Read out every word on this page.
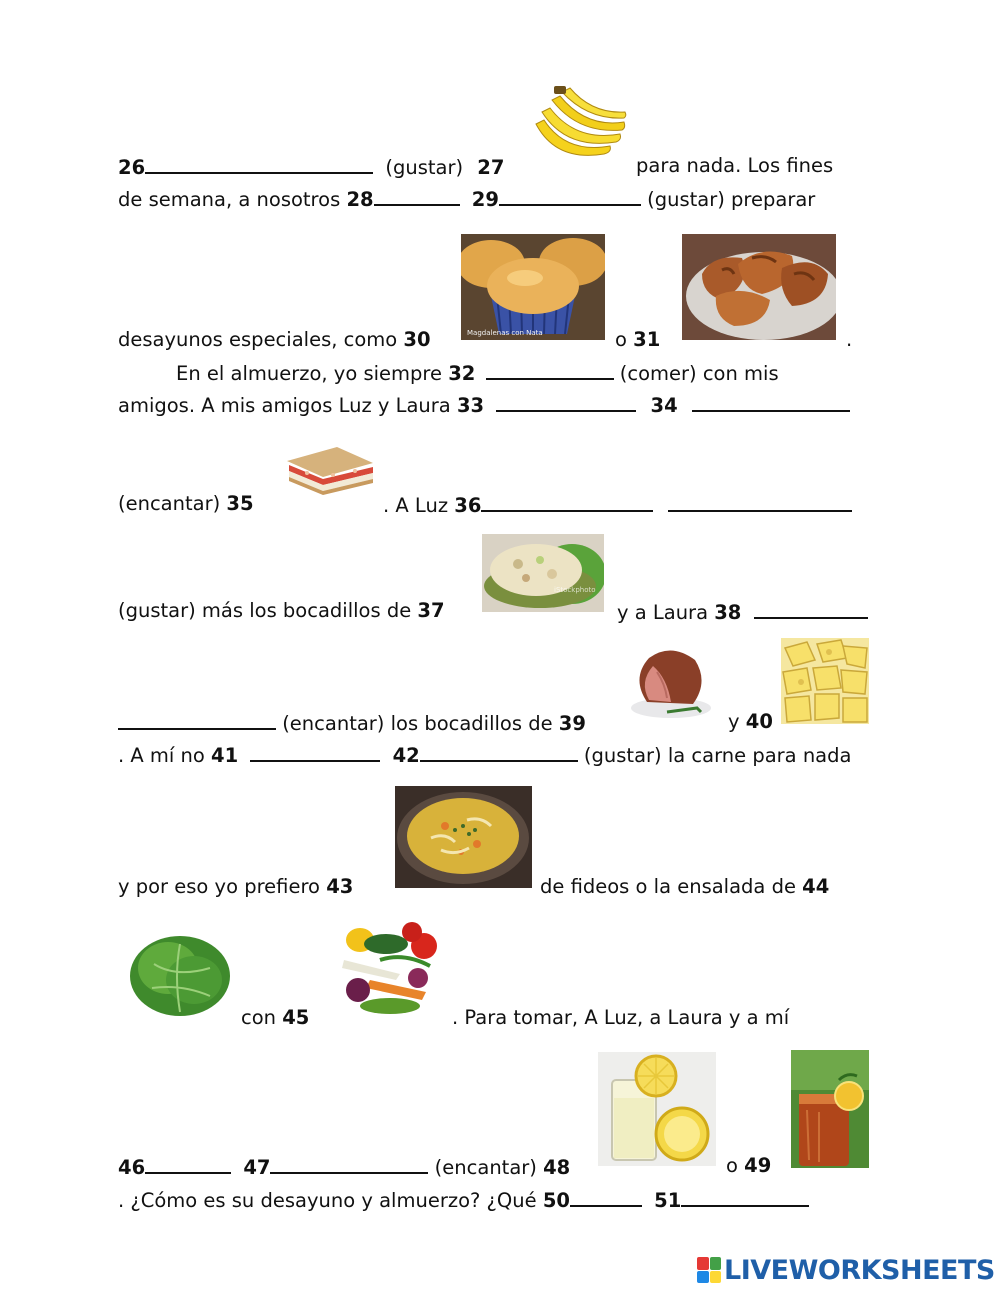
26	(gustar) 27	para nada. Los fines
de semana, a nosotros 28	29	(gustar) preparar
desayunos especiales, como 30	o 31	.
En el almuerzo, yo siempre 32	(comer) con mis
amigos. A mis amigos Luz y Laura 33	34
(encantar) 35	. A Luz 36
(gustar) más los bocadillos de 37	y a Laura 38
(encantar) los bocadillos de 39	y 40
. A mí no 41	42	(gustar) la carne para nada
y por eso yo prefiero 43	de fideos o la ensalada de 44
con 45	. Para tomar, A Luz, a Laura y a mí
46	47	(encantar) 48	o 49
. ¿Cómo es su desayuno y almuerzo? ¿Qué 50	51
Magdalenas con Nata
iStockphoto
LIVEWORKSHEETS
